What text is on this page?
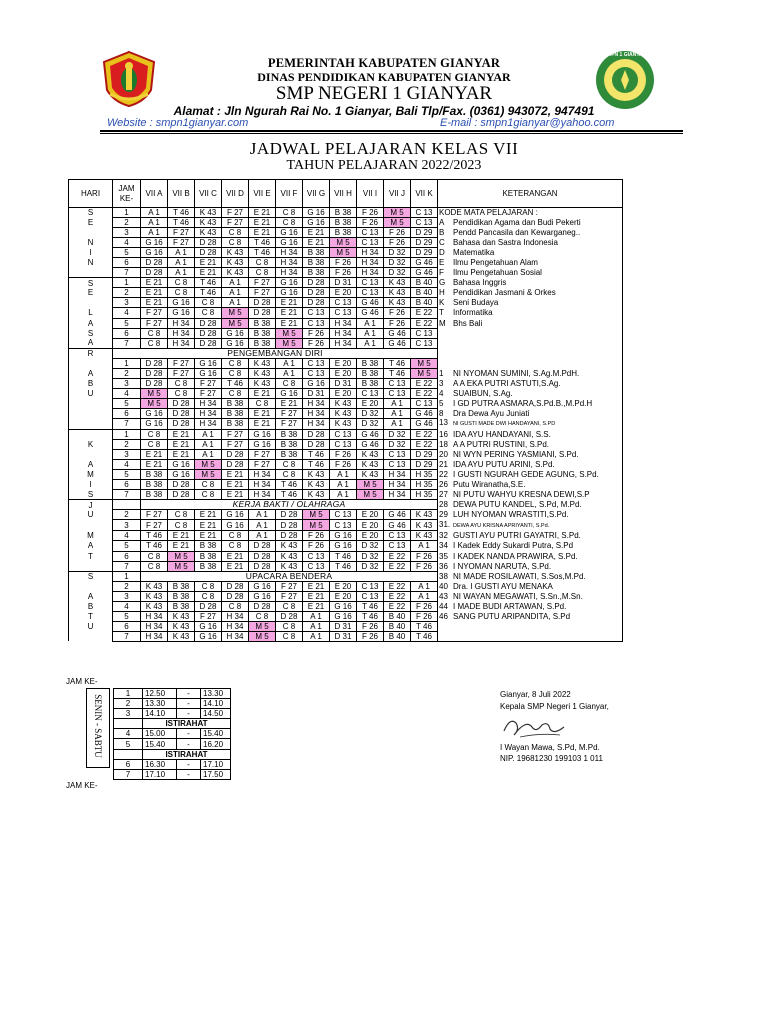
SMPN 1 GIANYAR
PEMERINTAH KABUPATEN GIANYAR
DINAS PENDIDIKAN KABUPATEN GIANYAR
SMP NEGERI 1 GIANYAR
Alamat : Jln Ngurah Rai No. 1 Gianyar, Bali Tlp/Fax. (0361) 943072, 947491
Website : smpn1gianyar.com	E-mail : smpn1gianyar@yahoo.com
JADWAL PELAJARAN KELAS VII
TAHUN PELAJARAN 2022/2023
HARI	JAM KE-	VII A	VII B	VII C	VII D	VII E	VII F	VII G	VII H	VII I	VII J	VII K	KETERANGAN
S	1	A 1	T 46	K 43	F 27	E 21	C 8	G 16	B 38	F 26	M 5	C 13	KODE MATA PELAJARAN :
E	2	A 1	T 46	K 43	F 27	E 21	C 8	G 16	B 38	F 26	M 5	C 13	A Pendidikan Agama dan Budi Pekerti
	3	A 1	F 27	K 43	C 8	E 21	G 16	E 21	B 38	C 13	F 26	D 29	B Pendd Pancasila dan Kewarganeg..
N	4	G 16	F 27	D 28	C 8	T 46	G 16	E 21	M 5	C 13	F 26	D 29	C Bahasa dan Sastra Indonesia
I	5	G 16	A 1	D 28	K 43	T 46	H 34	B 38	M 5	H 34	D 32	D 29	D Matematika
N	6	D 28	A 1	E 21	K 43	C 8	H 34	B 38	F 26	H 34	D 32	G 46	E Ilmu Pengetahuan Alam
	7	D 28	A 1	E 21	K 43	C 8	H 34	B 38	F 26	H 34	D 32	G 46	F Ilmu Pengetahuan Sosial
S	1	E 21	C 8	T 46	A 1	F 27	G 16	D 28	D 31	C 13	K 43	B 40	G Bahasa Inggris
E	2	E 21	C 8	T 46	A 1	F 27	G 16	D 28	E 20	C 13	K 43	B 40	H Pendidikan Jasmani & Orkes
	3	E 21	G 16	C 8	A 1	D 28	E 21	D 28	C 13	G 46	K 43	B 40	K Seni Budaya
L	4	F 27	G 16	C 8	M 5	D 28	E 21	C 13	C 13	G 46	F 26	E 22	T Informatika
A	5	F 27	H 34	D 28	M 5	B 38	E 21	C 13	H 34	A 1	F 26	E 22	M Bhs Bali
S	6	C 8	H 34	D 28	G 16	B 38	M 5	F 26	H 34	A 1	G 46	C 13	
A	7	C 8	H 34	D 28	G 16	B 38	M 5	F 26	H 34	A 1	G 46	C 13	
R	PENGEMBANGAN DIRI												
	1	D 28	F 27	G 16	C 8	K 43	A 1	C 13	E 20	B 38	T 46	M 5	
A	2	D 28	F 27	G 16	C 8	K 43	A 1	C 13	E 20	B 38	T 46	M 5	1 NI NYOMAN SUMINI, S.Ag.M.PdH.
B	3	D 28	C 8	F 27	T 46	K 43	C 8	G 16	D 31	B 38	C 13	E 22	3 A A EKA PUTRI ASTUTI,S.Ag.
U	4	M 5	C 8	F 27	C 8	E 21	G 16	D 31	E 20	C 13	C 13	E 22	4 SUAIBUN, S.Ag.
	5	M 5	D 28	H 34	B 38	C 8	E 21	H 34	K 43	E 20	A 1	C 13	5 I GD PUTRA ASMARA,S.Pd.B.,M.Pd.H
	6	G 16	D 28	H 34	B 38	E 21	F 27	H 34	K 43	D 32	A 1	G 46	8 Dra Dewa Ayu Juniati
	7	G 16	D 28	H 34	B 38	E 21	F 27	H 34	K 43	D 32	A 1	G 46	13 NI GUSTI MADE DWI HANDAYANI, S.PD
	1	C 8	E 21	A 1	F 27	G 16	B 38	D 28	C 13	G 46	D 32	E 22	16 IDA AYU HANDAYANI, S.S.
K	2	C 8	E 21	A 1	F 27	G 16	B 38	D 28	C 13	G 46	D 32	E 22	18 A A PUTRI RUSTINI, S.Pd.
	3	E 21	E 21	A 1	D 28	F 27	B 38	T 46	F 26	K 43	C 13	D 29	20 NI WYN PERING YASMIANI, S.Pd.
A	4	E 21	G 16	M 5	D 28	F 27	C 8	T 46	F 26	K 43	C 13	D 29	21 IDA AYU PUTU ARINI, S.Pd.
M	5	B 38	G 16	M 5	E 21	H 34	C 8	K 43	A 1	K 43	H 34	H 35	22 I GUSTI NGURAH GEDE AGUNG, S.Pd.
I	6	B 38	D 28	C 8	E 21	H 34	T 46	K 43	A 1	M 5	H 34	H 35	26 Putu Wiranatha,S.E.
S	7	B 38	D 28	C 8	E 21	H 34	T 46	K 43	A 1	M 5	H 34	H 35	27 NI PUTU WAHYU KRESNA DEWI,S.P
J		KERJA BAKTI / OLAHRAGA											28 DEWA PUTU KANDEL, S.Pd, M.Pd.
U	2	F 27	C 8	E 21	G 16	A 1	D 28	M 5	C 13	E 20	G 46	K 43	29 LUH NYOMAN WRASTITI,S.Pd.
	3	F 27	C 8	E 21	G 16	A 1	D 28	M 5	C 13	E 20	G 46	K 43	31. DEWA AYU KRISNA APRIYANTI, S.Pd.
M	4	T 46	E 21	E 21	C 8	A 1	D 28	F 26	G 16	E 20	C 13	K 43	32 GUSTI AYU PUTRI GAYATRI, S.Pd.
A	5	T 46	E 21	B 38	C 8	D 28	K 43	F 26	G 16	D 32	C 13	A 1	34 I Kadek Eddy Sukardi Putra, S.Pd
T	6	C 8	M 5	B 38	E 21	D 28	K 43	C 13	T 46	D 32	E 22	F 26	35 I KADEK NANDA PRAWIRA, S.Pd.
	7	C 8	M 5	B 38	E 21	D 28	K 43	C 13	T 46	D 32	E 22	F 26	36 I NYOMAN NARUTA, S.Pd.
S	1	UPACARA BENDERA											38 NI MADE ROSILAWATI, S.Sos,M.Pd.
	2	K 43	B 38	C 8	D 28	G 16	F 27	E 21	E 20	C 13	E 22	A 1	40 Dra. I GUSTI AYU MENAKA
A	3	K 43	B 38	C 8	D 28	G 16	F 27	E 21	E 20	C 13	E 22	A 1	43 NI WAYAN MEGAWATI, S.Sn.,M.Sn.
B	4	K 43	B 38	D 28	C 8	D 28	C 8	E 21	G 16	T 46	E 22	F 26	44 I MADE BUDI ARTAWAN, S.Pd.
T	5	H 34	K 43	F 27	H 34	C 8	D 28	A 1	G 16	T 46	B 40	F 26	46 SANG PUTU ARIPANDITA, S.Pd
U	6	H 34	K 43	G 16	H 34	M 5	C 8	A 1	D 31	F 26	B 40	T 46	
	7	H 34	K 43	G 16	H 34	M 5	C 8	A 1	D 31	F 26	B 40	T 46	
JAM KE-
SENIN - SABTU
1	12.50	-	13.30
2	13.30	-	14.10
3	14.10	-	14.50
	ISTIRAHAT		
4	15.00	-	15.40
5	15.40	-	16.20
	ISTIRAHAT		
6	16.30	-	17.10
7	17.10	-	17.50
JAM KE-
Gianyar, 8 Juli 2022
Kepala SMP Negeri 1 Gianyar,
I Wayan Mawa, S.Pd, M.Pd.
NIP. 19681230 199103 1 011
